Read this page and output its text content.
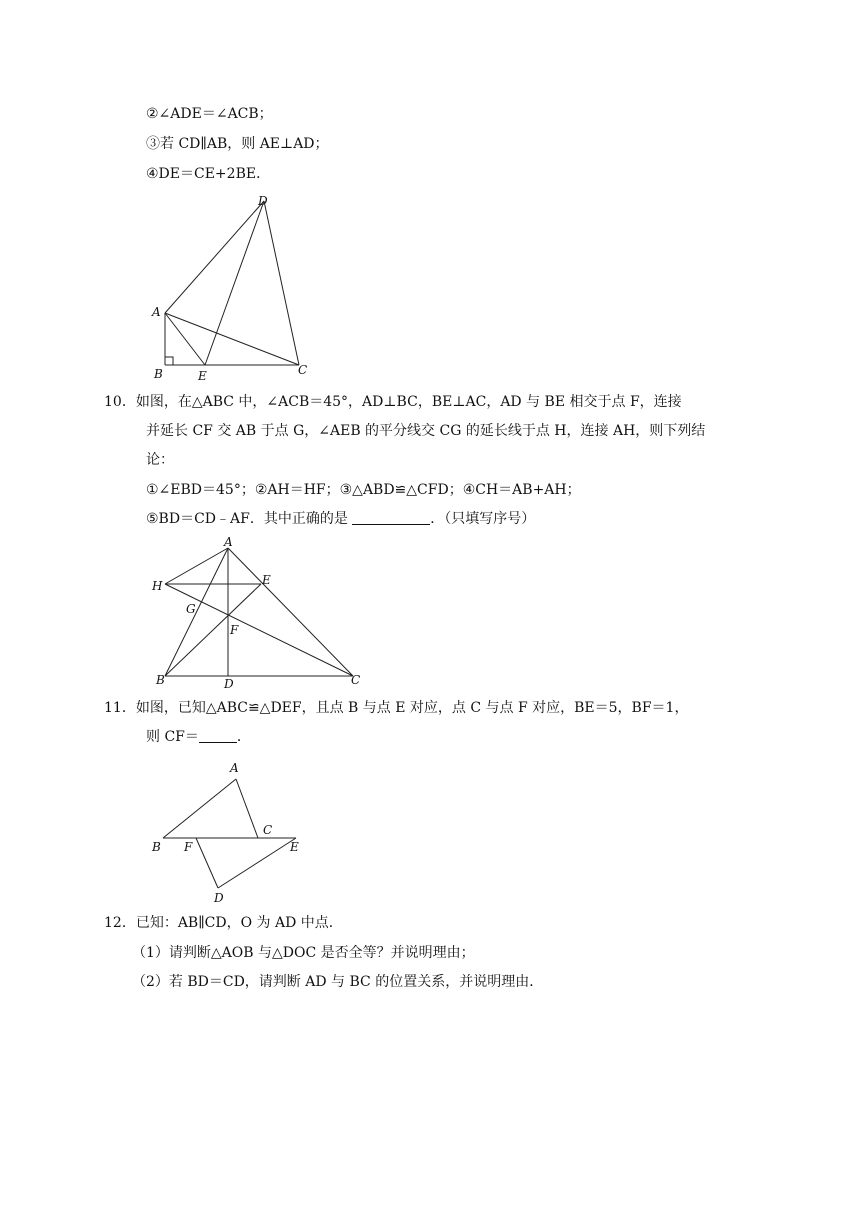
②∠ADE＝∠ACB；
③若 CD∥AB，则 AE⊥AD；
④DE＝CE+2BE．
D
A
B	E	C
10．如图，在△ABC 中，∠ACB＝45°，AD⊥BC，BE⊥AC，AD 与 BE 相交于点 F，连接
并延长 CF 交 AB 于点 G，∠AEB 的平分线交 CG 的延长线于点 H，连接 AH，则下列结
论：
①∠EBD＝45°；②AH＝HF；③△ABD≌△CFD；④CH＝AB+AH；
⑤BD＝CD﹣AF．其中正确的是	．（只填写序号）
A
H	E
G
F
B	D	C
11．如图，已知△ABC≌△DEF，且点 B 与点 E 对应，点 C 与点 F 对应，BE＝5，BF＝1，
则 CF＝	．
A
B F
C
E
D
12．已知：AB∥CD，O 为 AD 中点．
（1）请判断△AOB 与△DOC 是否全等？并说明理由；
（2）若 BD＝CD，请判断 AD 与 BC 的位置关系，并说明理由．
